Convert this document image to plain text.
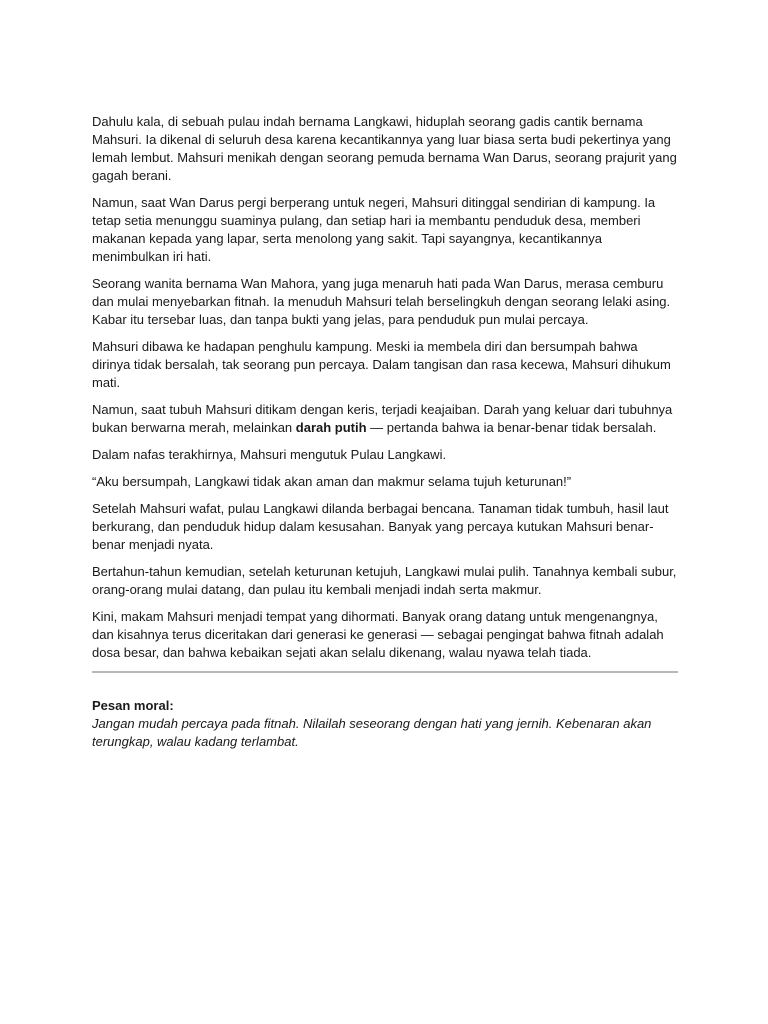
Dahulu kala, di sebuah pulau indah bernama Langkawi, hiduplah seorang gadis cantik bernama Mahsuri. Ia dikenal di seluruh desa karena kecantikannya yang luar biasa serta budi pekertinya yang lemah lembut. Mahsuri menikah dengan seorang pemuda bernama Wan Darus, seorang prajurit yang gagah berani.

Namun, saat Wan Darus pergi berperang untuk negeri, Mahsuri ditinggal sendirian di kampung. Ia tetap setia menunggu suaminya pulang, dan setiap hari ia membantu penduduk desa, memberi makanan kepada yang lapar, serta menolong yang sakit. Tapi sayangnya, kecantikannya menimbulkan iri hati.

Seorang wanita bernama Wan Mahora, yang juga menaruh hati pada Wan Darus, merasa cemburu dan mulai menyebarkan fitnah. Ia menuduh Mahsuri telah berselingkuh dengan seorang lelaki asing. Kabar itu tersebar luas, dan tanpa bukti yang jelas, para penduduk pun mulai percaya.

Mahsuri dibawa ke hadapan penghulu kampung. Meski ia membela diri dan bersumpah bahwa dirinya tidak bersalah, tak seorang pun percaya. Dalam tangisan dan rasa kecewa, Mahsuri dihukum mati.

Namun, saat tubuh Mahsuri ditikam dengan keris, terjadi keajaiban. Darah yang keluar dari tubuhnya bukan berwarna merah, melainkan darah putih — pertanda bahwa ia benar-benar tidak bersalah.

Dalam nafas terakhirnya, Mahsuri mengutuk Pulau Langkawi.

“Aku bersumpah, Langkawi tidak akan aman dan makmur selama tujuh keturunan!”

Setelah Mahsuri wafat, pulau Langkawi dilanda berbagai bencana. Tanaman tidak tumbuh, hasil laut berkurang, dan penduduk hidup dalam kesusahan. Banyak yang percaya kutukan Mahsuri benar-benar menjadi nyata.

Bertahun-tahun kemudian, setelah keturunan ketujuh, Langkawi mulai pulih. Tanahnya kembali subur, orang-orang mulai datang, dan pulau itu kembali menjadi indah serta makmur.

Kini, makam Mahsuri menjadi tempat yang dihormati. Banyak orang datang untuk mengenangnya, dan kisahnya terus diceritakan dari generasi ke generasi — sebagai pengingat bahwa fitnah adalah dosa besar, dan bahwa kebaikan sejati akan selalu dikenang, walau nyawa telah tiada.

Pesan moral:

Jangan mudah percaya pada fitnah. Nilailah seseorang dengan hati yang jernih. Kebenaran akan terungkap, walau kadang terlambat.
